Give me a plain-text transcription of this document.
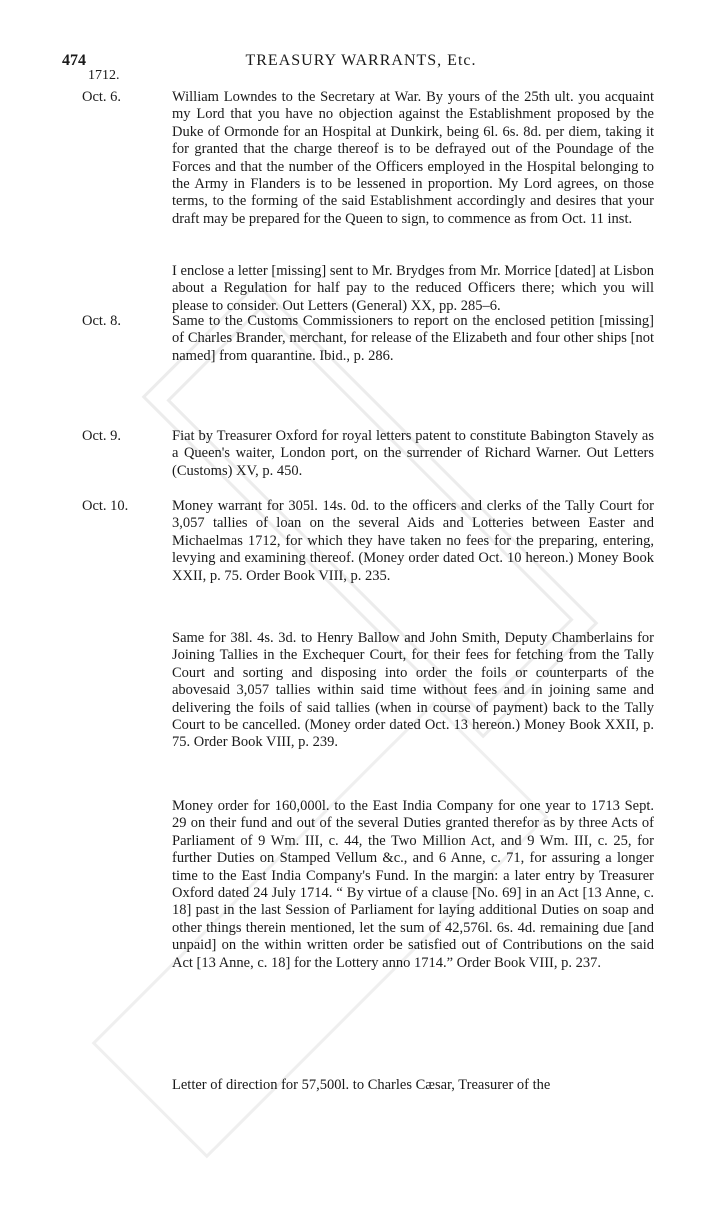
474	TREASURY WARRANTS, Etc.
1712.
Oct. 6.	William Lowndes to the Secretary at War. By yours of the 25th ult. you acquaint my Lord that you have no objection against the Establishment proposed by the Duke of Ormonde for an Hospital at Dunkirk, being 6l. 6s. 8d. per diem, taking it for granted that the charge thereof is to be defrayed out of the Poundage of the Forces and that the number of the Officers employed in the Hospital belonging to the Army in Flanders is to be lessened in proportion. My Lord agrees, on those terms, to the forming of the said Establishment accordingly and desires that your draft may be prepared for the Queen to sign, to commence as from Oct. 11 inst.
I enclose a letter [missing] sent to Mr. Brydges from Mr. Morrice [dated] at Lisbon about a Regulation for half pay to the reduced Officers there; which you will please to consider. Out Letters (General) XX, pp. 285–6.
Oct. 8.	Same to the Customs Commissioners to report on the enclosed petition [missing] of Charles Brander, merchant, for release of the Elizabeth and four other ships [not named] from quarantine. Ibid., p. 286.
Oct. 9.	Fiat by Treasurer Oxford for royal letters patent to constitute Babington Stavely as a Queen's waiter, London port, on the surrender of Richard Warner. Out Letters (Customs) XV, p. 450.
Oct. 10.	Money warrant for 305l. 14s. 0d. to the officers and clerks of the Tally Court for 3,057 tallies of loan on the several Aids and Lotteries between Easter and Michaelmas 1712, for which they have taken no fees for the preparing, entering, levying and examining thereof. (Money order dated Oct. 10 hereon.) Money Book XXII, p. 75. Order Book VIII, p. 235.
Same for 38l. 4s. 3d. to Henry Ballow and John Smith, Deputy Chamberlains for Joining Tallies in the Exchequer Court, for their fees for fetching from the Tally Court and sorting and disposing into order the foils or counterparts of the abovesaid 3,057 tallies within said time without fees and in joining same and delivering the foils of said tallies (when in course of payment) back to the Tally Court to be cancelled. (Money order dated Oct. 13 hereon.) Money Book XXII, p. 75. Order Book VIII, p. 239.
Money order for 160,000l. to the East India Company for one year to 1713 Sept. 29 on their fund and out of the several Duties granted therefor as by three Acts of Parliament of 9 Wm. III, c. 44, the Two Million Act, and 9 Wm. III, c. 25, for further Duties on Stamped Vellum &c., and 6 Anne, c. 71, for assuring a longer time to the East India Company's Fund. In the margin: a later entry by Treasurer Oxford dated 24 July 1714. “ By virtue of a clause [No. 69] in an Act [13 Anne, c. 18] past in the last Session of Parliament for laying additional Duties on soap and other things therein mentioned, let the sum of 42,576l. 6s. 4d. remaining due [and unpaid] on the within written order be satisfied out of Contributions on the said Act [13 Anne, c. 18] for the Lottery anno 1714.” Order Book VIII, p. 237.
Letter of direction for 57,500l. to Charles Cæsar, Treasurer of the
